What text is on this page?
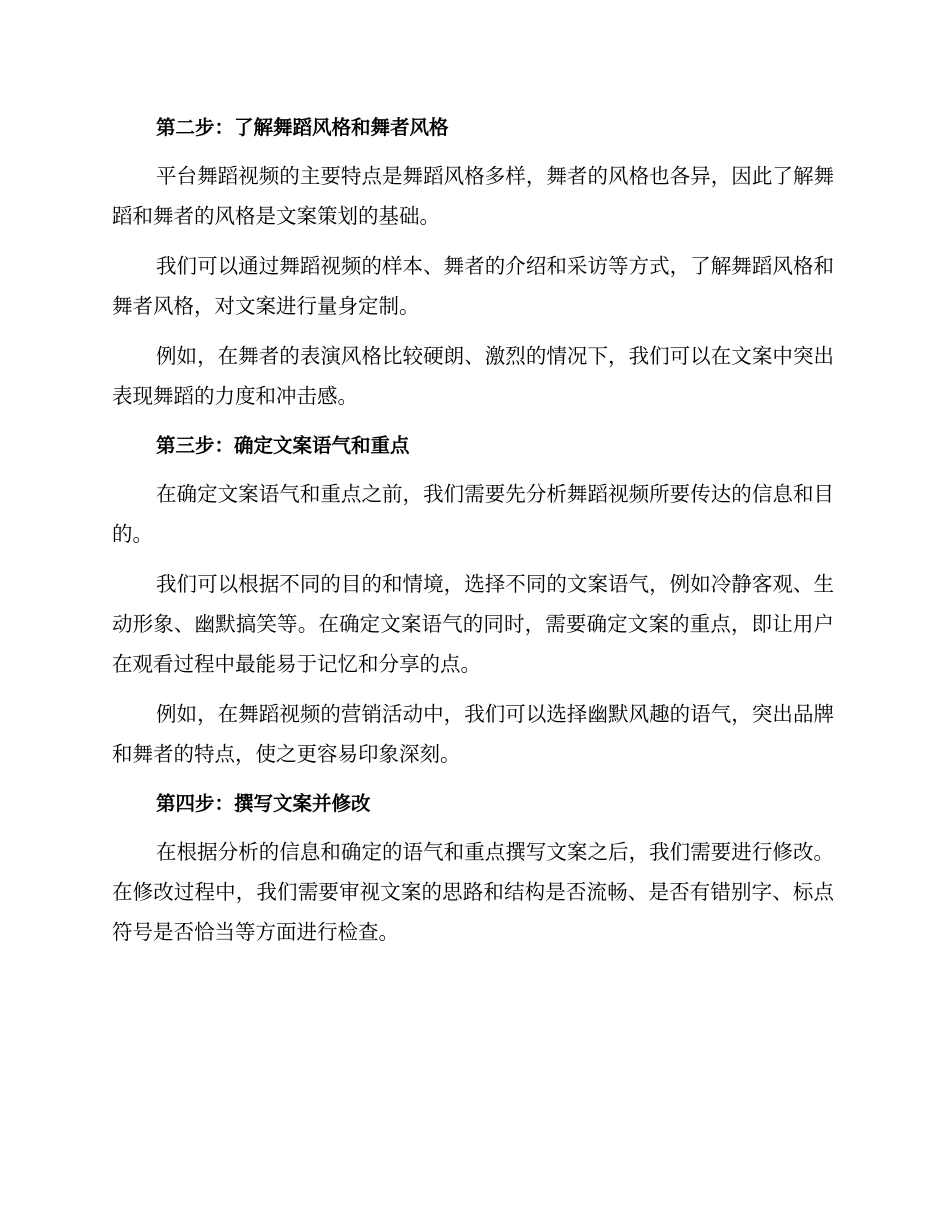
第二步：了解舞蹈风格和舞者风格

平台舞蹈视频的主要特点是舞蹈风格多样，舞者的风格也各异，因此了解舞蹈和舞者的风格是文案策划的基础。

我们可以通过舞蹈视频的样本、舞者的介绍和采访等方式，了解舞蹈风格和舞者风格，对文案进行量身定制。

例如，在舞者的表演风格比较硬朗、激烈的情况下，我们可以在文案中突出表现舞蹈的力度和冲击感。

第三步：确定文案语气和重点

在确定文案语气和重点之前，我们需要先分析舞蹈视频所要传达的信息和目的。

我们可以根据不同的目的和情境，选择不同的文案语气，例如冷静客观、生动形象、幽默搞笑等。在确定文案语气的同时，需要确定文案的重点，即让用户在观看过程中最能易于记忆和分享的点。

例如，在舞蹈视频的营销活动中，我们可以选择幽默风趣的语气，突出品牌和舞者的特点，使之更容易印象深刻。

第四步：撰写文案并修改

在根据分析的信息和确定的语气和重点撰写文案之后，我们需要进行修改。在修改过程中，我们需要审视文案的思路和结构是否流畅、是否有错别字、标点符号是否恰当等方面进行检查。
